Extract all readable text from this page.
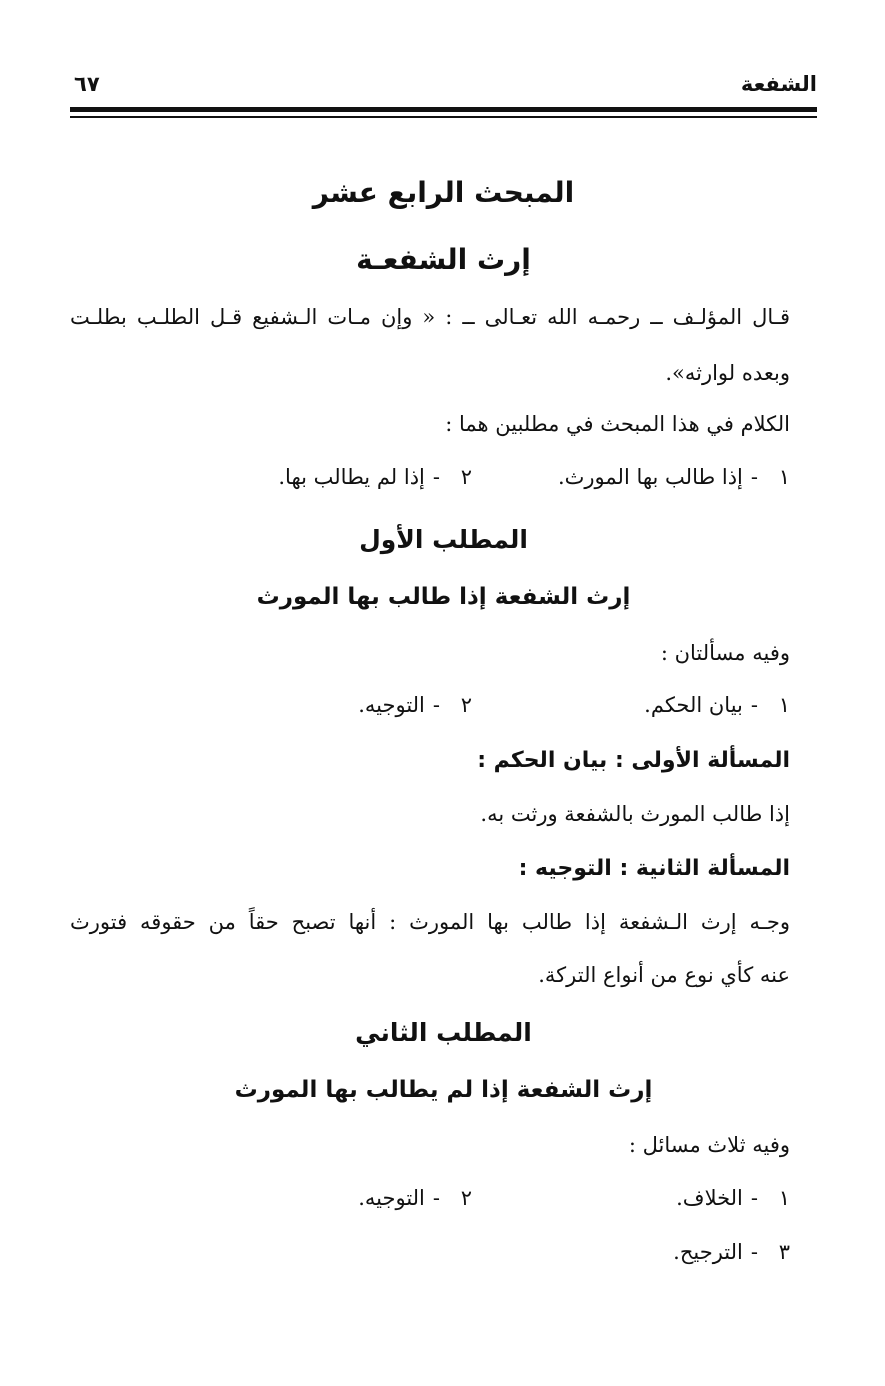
الشفعة
٦٧
المبحث الرابع عشر
إرث الشفعـة
قـال المؤلـف ــ رحمـه الله تعـالى ــ : « وإن مـات الـشفيع قـل الطلـب بطلـت
وبعده لوارثه».
الكلام في هذا المبحث في مطلبين هما :
١-إذا طالب بها المورث.
٢-إذا لم يطالب بها.
المطلب الأول
إرث الشفعة إذا طالب بها المورث
وفيه مسألتان :
١-بيان الحكم.
٢-التوجيه.
المسألة الأولى : بيان الحكم :
إذا طالب المورث بالشفعة ورثت به.
المسألة الثانية : التوجيه :
وجـه إرث الـشفعة إذا طالب بها المورث : أنها تصبح حقاً من حقوقه فتورث
عنه كأي نوع من أنواع التركة.
المطلب الثاني
إرث الشفعة إذا لم يطالب بها المورث
وفيه ثلاث مسائل :
١-الخلاف.
٢-التوجيه.
٣-الترجيح.
